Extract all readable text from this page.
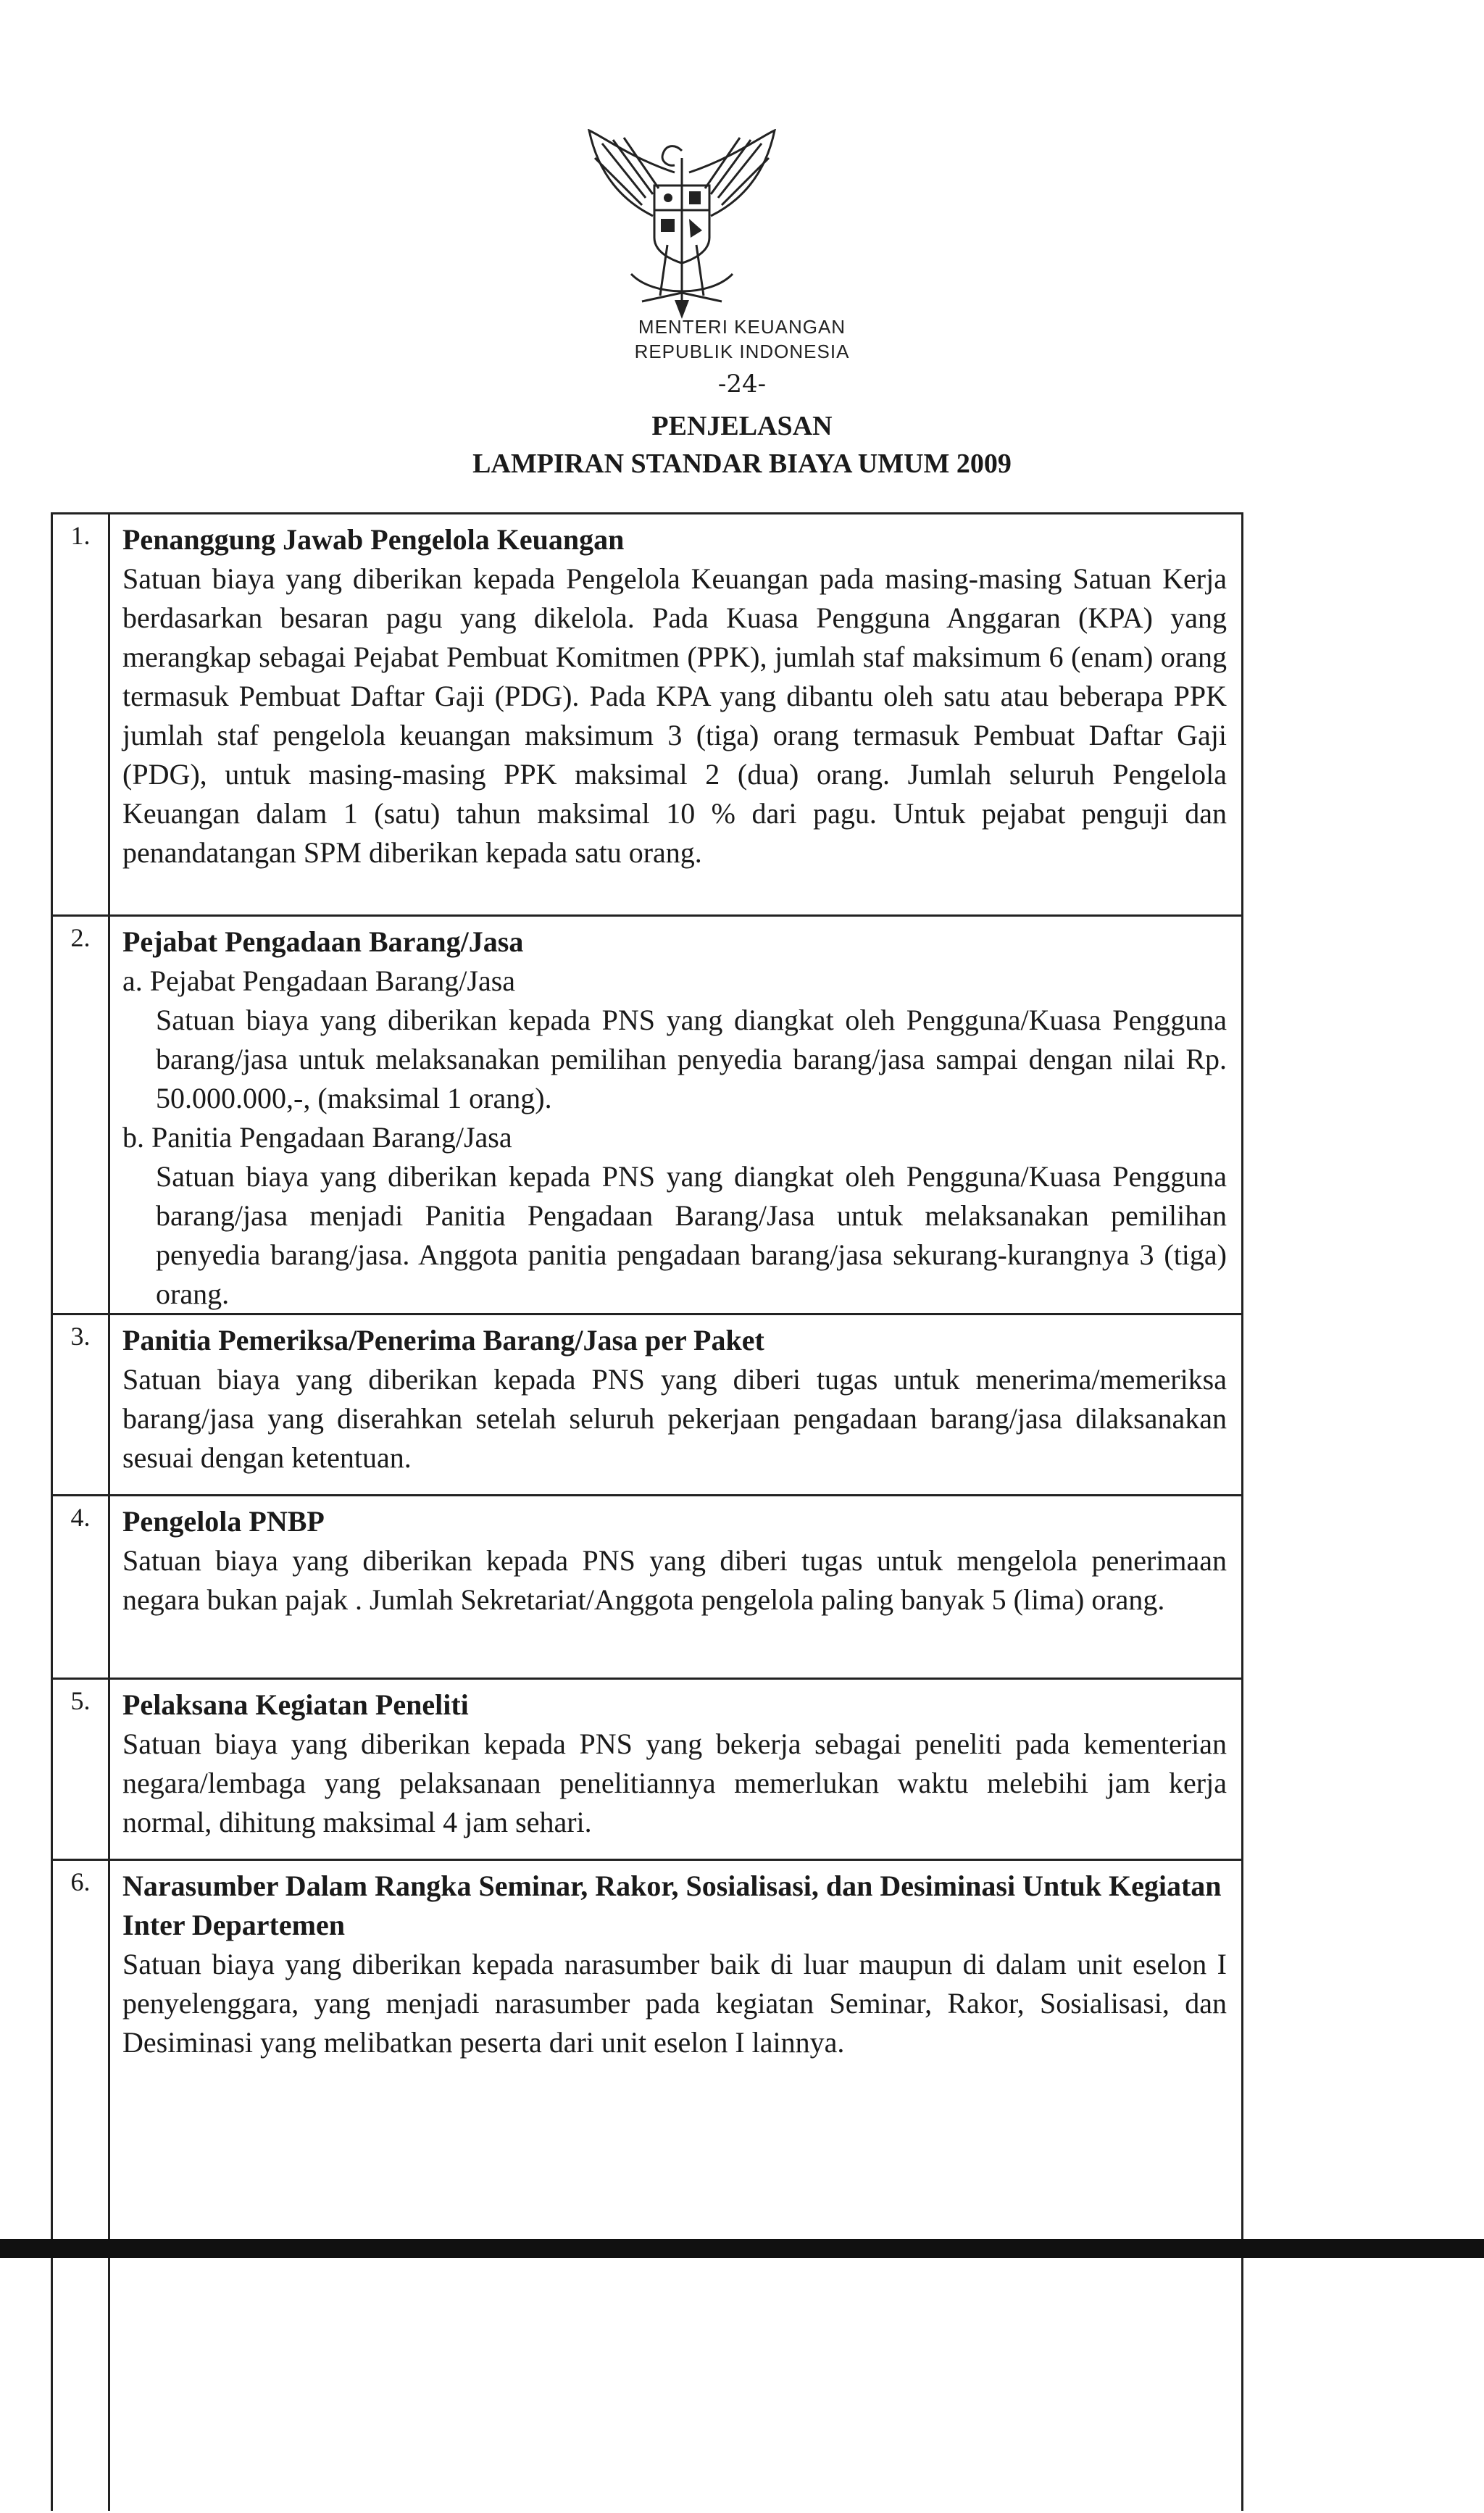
MENTERI KEUANGAN
REPUBLIK INDONESIA
-24-
PENJELASAN
LAMPIRAN STANDAR BIAYA UMUM 2009
1.	Penanggung Jawab Pengelola Keuangan
Satuan biaya yang diberikan kepada Pengelola Keuangan pada masing-masing Satuan Kerja berdasarkan besaran pagu yang dikelola. Pada Kuasa Pengguna Anggaran (KPA) yang merangkap sebagai Pejabat Pembuat Komitmen (PPK), jumlah staf maksimum 6 (enam) orang termasuk Pembuat Daftar Gaji (PDG). Pada KPA yang dibantu oleh satu atau beberapa PPK jumlah staf pengelola keuangan maksimum 3 (tiga) orang termasuk Pembuat Daftar Gaji (PDG), untuk masing-masing PPK maksimal 2 (dua) orang. Jumlah seluruh Pengelola Keuangan dalam 1 (satu) tahun maksimal 10 % dari pagu. Untuk pejabat penguji dan penandatangan SPM diberikan kepada satu orang.
2.	Pejabat Pengadaan Barang/Jasa
a. Pejabat Pengadaan Barang/Jasa
Satuan biaya yang diberikan kepada PNS yang diangkat oleh Pengguna/Kuasa Pengguna barang/jasa untuk melaksanakan pemilihan penyedia barang/jasa sampai dengan nilai Rp. 50.000.000,-, (maksimal 1 orang).
b. Panitia Pengadaan Barang/Jasa
Satuan biaya yang diberikan kepada PNS yang diangkat oleh Pengguna/Kuasa Pengguna barang/jasa menjadi Panitia Pengadaan Barang/Jasa untuk melaksanakan pemilihan penyedia barang/jasa. Anggota panitia pengadaan barang/jasa sekurang-kurangnya 3 (tiga) orang.
3.	Panitia Pemeriksa/Penerima Barang/Jasa per Paket
Satuan biaya yang diberikan kepada PNS yang diberi tugas untuk menerima/memeriksa barang/jasa yang diserahkan setelah seluruh pekerjaan pengadaan barang/jasa dilaksanakan sesuai dengan ketentuan.
4.	Pengelola PNBP
Satuan biaya yang diberikan kepada PNS yang diberi tugas untuk mengelola penerimaan negara bukan pajak . Jumlah Sekretariat/Anggota pengelola paling banyak 5 (lima) orang.
5.	Pelaksana Kegiatan Peneliti
Satuan biaya yang diberikan kepada PNS yang bekerja sebagai peneliti pada kementerian negara/lembaga yang pelaksanaan penelitiannya memerlukan waktu melebihi jam kerja normal, dihitung maksimal 4 jam sehari.
6.	Narasumber Dalam Rangka Seminar, Rakor, Sosialisasi, dan Desiminasi Untuk Kegiatan Inter Departemen
Satuan biaya yang diberikan kepada narasumber baik di luar maupun di dalam unit eselon I penyelenggara, yang menjadi narasumber pada kegiatan Seminar, Rakor, Sosialisasi, dan Desiminasi yang melibatkan peserta dari unit eselon I lainnya.
